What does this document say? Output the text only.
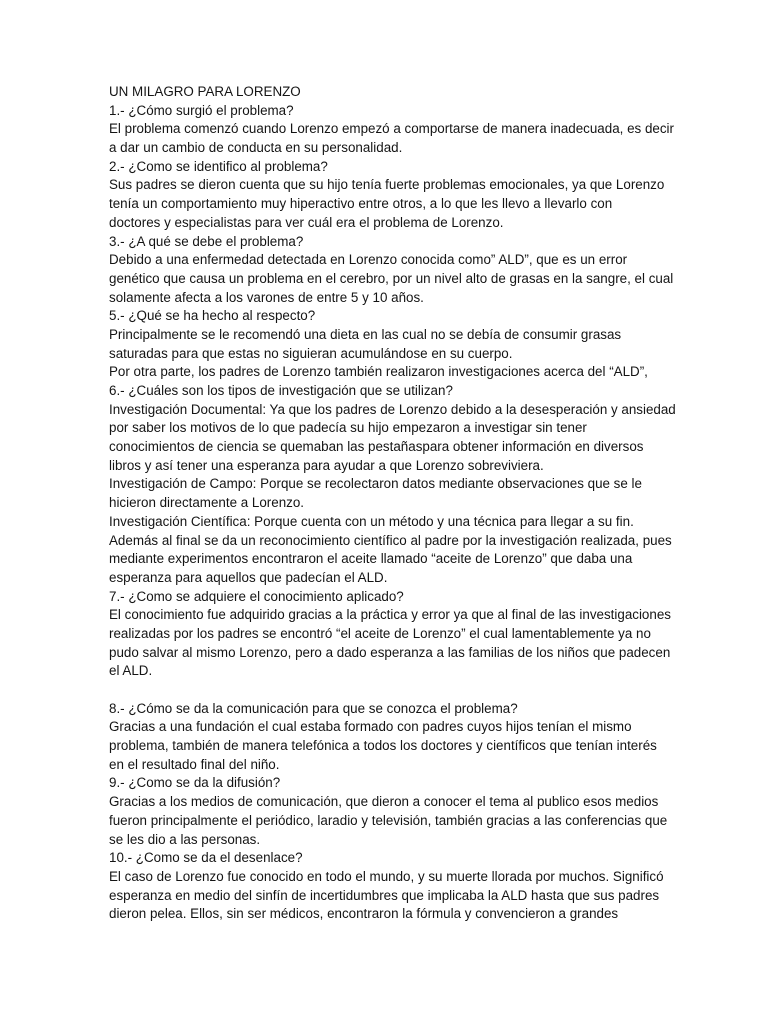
UN MILAGRO PARA LORENZO

1.- ¿Cómo surgió el problema?

El problema comenzó cuando Lorenzo empezó a comportarse de manera inadecuada, es decir

a dar un cambio de conducta en su personalidad.

2.- ¿Como se identifico al problema?

Sus padres se dieron cuenta que su hijo tenía fuerte problemas emocionales, ya que Lorenzo

tenía un comportamiento muy hiperactivo entre otros, a lo que les llevo a llevarlo con

doctores y especialistas para ver cuál era el problema de Lorenzo.

3.- ¿A qué se debe el problema?

Debido a una enfermedad detectada en Lorenzo conocida como” ALD”, que es un error

genético que causa un problema en el cerebro, por un nivel alto de grasas en la sangre, el cual

solamente afecta a los varones de entre 5 y 10 años.

5.- ¿Qué se ha hecho al respecto?

Principalmente se le recomendó una dieta en las cual no se debía de consumir grasas

saturadas para que estas no siguieran acumulándose en su cuerpo.

Por otra parte, los padres de Lorenzo también realizaron investigaciones acerca del “ALD”,

6.- ¿Cuáles son los tipos de investigación que se utilizan?

Investigación Documental: Ya que los padres de Lorenzo debido a la desesperación y ansiedad

por saber los motivos de lo que padecía su hijo empezaron a investigar sin tener

conocimientos de ciencia se quemaban las pestañaspara obtener información en diversos

libros y así tener una esperanza para ayudar a que Lorenzo sobreviviera.

Investigación de Campo: Porque se recolectaron datos mediante observaciones que se le

hicieron directamente a Lorenzo.

Investigación Científica: Porque cuenta con un método y una técnica para llegar a su fin.

Además al final se da un reconocimiento científico al padre por la investigación realizada, pues

mediante experimentos encontraron el aceite llamado “aceite de Lorenzo” que daba una

esperanza para aquellos que padecían el ALD.

7.- ¿Como se adquiere el conocimiento aplicado?

El conocimiento fue adquirido gracias a la práctica y error ya que al final de las investigaciones

realizadas por los padres se encontró “el aceite de Lorenzo” el cual lamentablemente ya no

pudo salvar al mismo Lorenzo, pero a dado esperanza a las familias de los niños que padecen

el ALD.

8.- ¿Cómo se da la comunicación para que se conozca el problema?

Gracias a una fundación el cual estaba formado con padres cuyos hijos tenían el mismo

problema, también de manera telefónica a todos los doctores y científicos que tenían interés

en el resultado final del niño.

9.- ¿Como se da la difusión?

Gracias a los medios de comunicación, que dieron a conocer el tema al publico esos medios

fueron principalmente el periódico, laradio y televisión, también gracias a las conferencias que

se les dio a las personas.

10.- ¿Como se da el desenlace?

El caso de Lorenzo fue conocido en todo el mundo, y su muerte llorada por muchos. Significó

esperanza en medio del sinfín de incertidumbres que implicaba la ALD hasta que sus padres

dieron pelea. Ellos, sin ser médicos, encontraron la fórmula y convencieron a grandes
